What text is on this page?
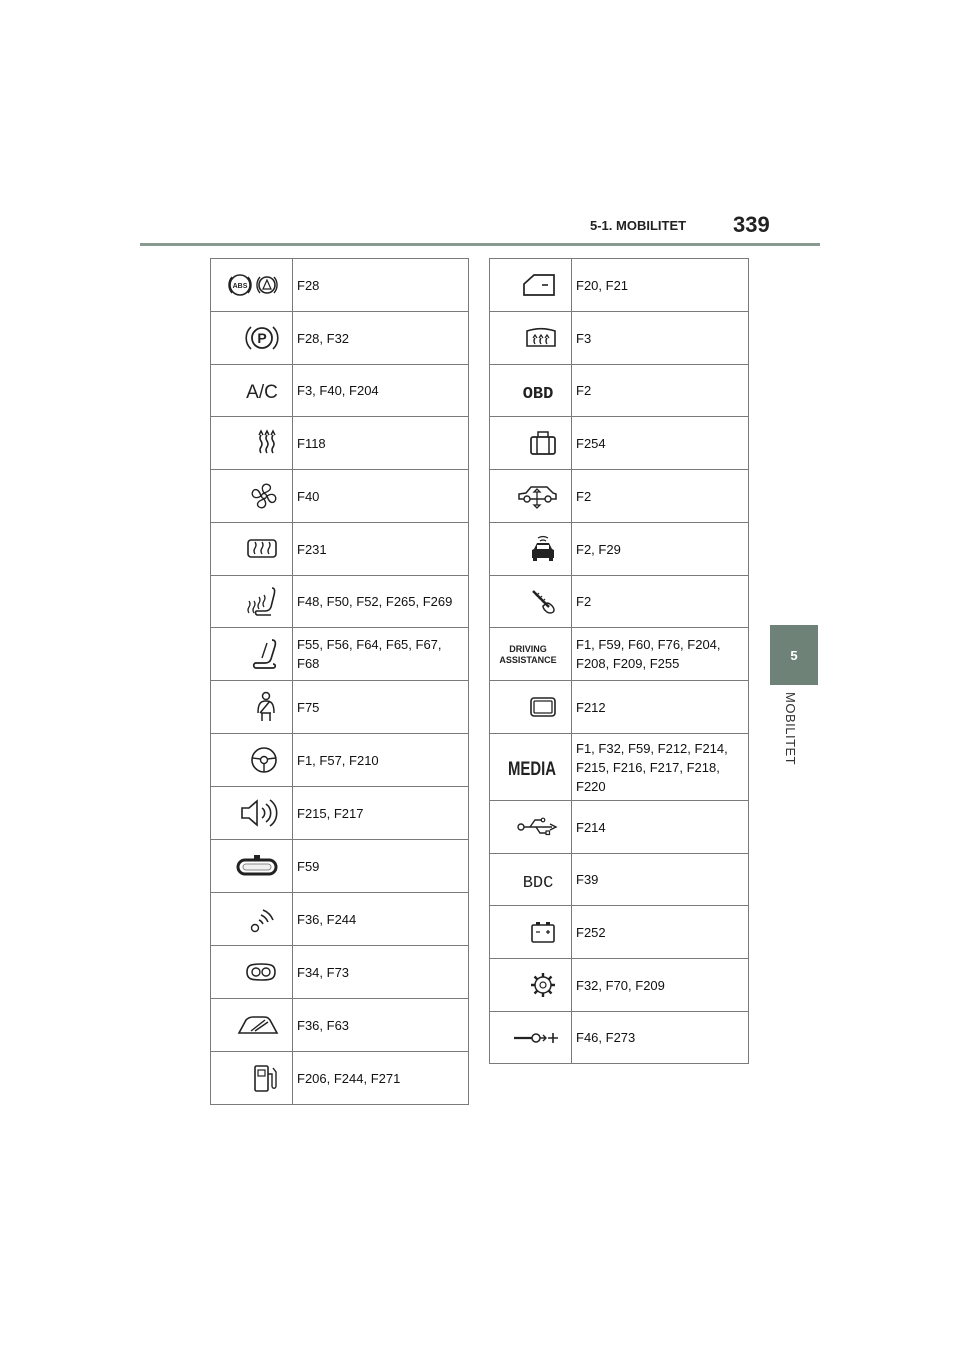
5-1. MOBILITET 339
5
MOBILITET
ABS	F28

P	F28, F32

A/C	F3, F40, F204

F118

F40

F231

F48, F50, F52, F265, F269

F55, F56, F64, F65, F67, F68

F75

F1, F57, F210

F215, F217

F59

F36, F244

F34, F73

F36, F63

F206, F244, F271

F20, F21

F3

OBD	F2

F254

F2

F2, F29

F2

DRIVING
ASSISTANCE	F1, F59, F60, F76, F204, F208, F209, F255

F212

MEDIA	F1, F32, F59, F212, F214, F215, F216, F217, F218, F220

F214

BDC	F39

F252

F32, F70, F209

F46, F273
